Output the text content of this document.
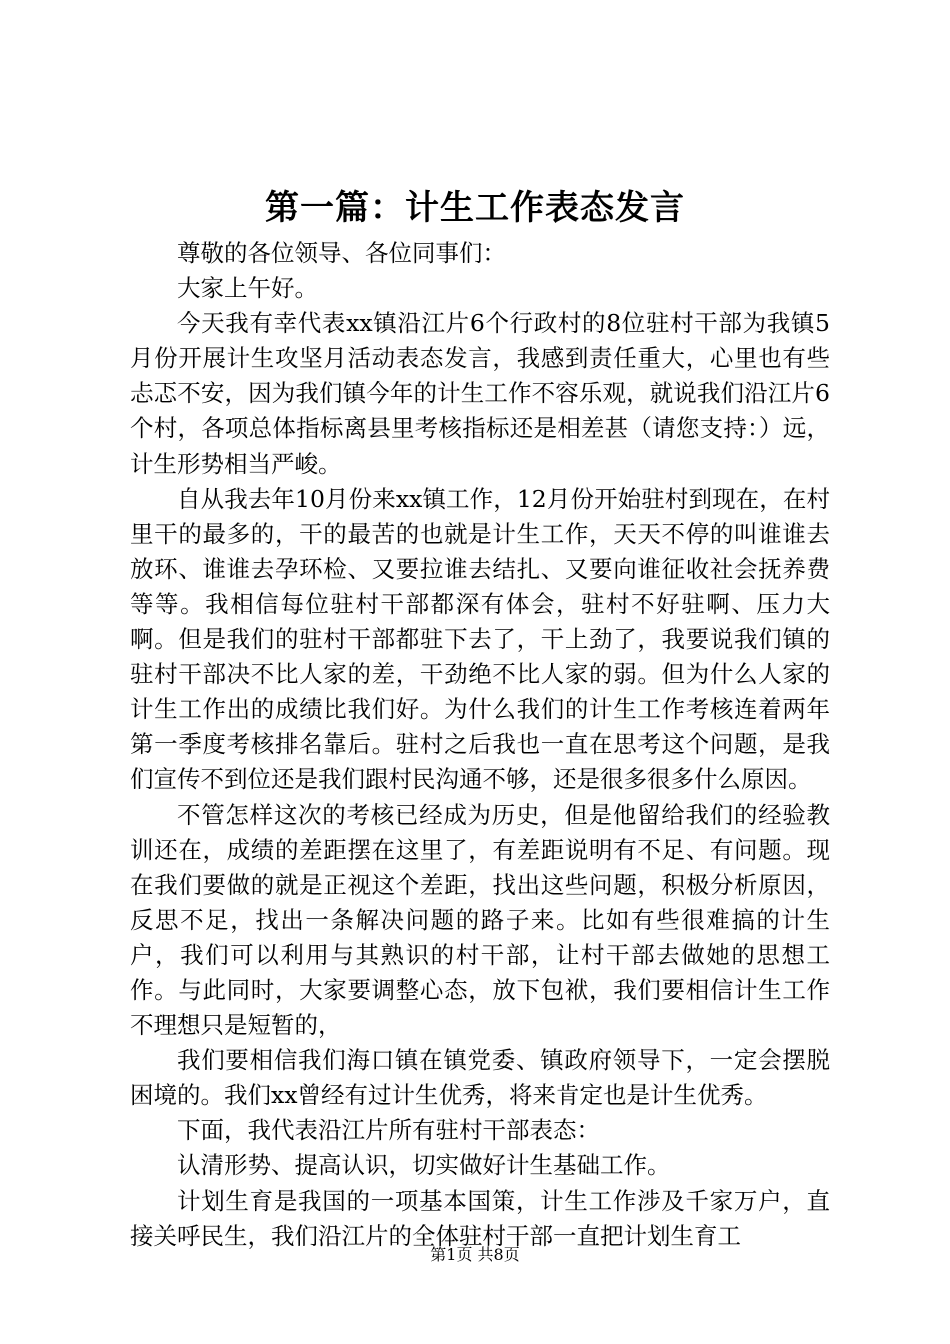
第一篇：计生工作表态发言

尊敬的各位领导、各位同事们：

大家上午好。

今天我有幸代表xx镇沿江片6个行政村的8位驻村干部为我镇5月份开展计生攻坚月活动表态发言，我感到责任重大，心里也有些忐忑不安，因为我们镇今年的计生工作不容乐观，就说我们沿江片6个村，各项总体指标离县里考核指标还是相差甚（请您支持：）远，计生形势相当严峻。

自从我去年10月份来xx镇工作，12月份开始驻村到现在，在村里干的最多的，干的最苦的也就是计生工作，天天不停的叫谁谁去放环、谁谁去孕环检、又要拉谁去结扎、又要向谁征收社会抚养费等等。我相信每位驻村干部都深有体会，驻村不好驻啊、压力大啊。但是我们的驻村干部都驻下去了，干上劲了，我要说我们镇的驻村干部决不比人家的差，干劲绝不比人家的弱。但为什么人家的计生工作出的成绩比我们好。为什么我们的计生工作考核连着两年第一季度考核排名靠后。驻村之后我也一直在思考这个问题，是我们宣传不到位还是我们跟村民沟通不够，还是很多很多什么原因。

不管怎样这次的考核已经成为历史，但是他留给我们的经验教训还在，成绩的差距摆在这里了，有差距说明有不足、有问题。现在我们要做的就是正视这个差距，找出这些问题，积极分析原因，反思不足，找出一条解决问题的路子来。比如有些很难搞的计生户，我们可以利用与其熟识的村干部，让村干部去做她的思想工作。与此同时，大家要调整心态，放下包袱，我们要相信计生工作不理想只是短暂的，

我们要相信我们海口镇在镇党委、镇政府领导下，一定会摆脱困境的。我们xx曾经有过计生优秀，将来肯定也是计生优秀。

下面，我代表沿江片所有驻村干部表态：

认清形势、提高认识，切实做好计生基础工作。

计划生育是我国的一项基本国策，计生工作涉及千家万户，直接关呼民生，我们沿江片的全体驻村干部一直把计划生育工

第1页 共8页
